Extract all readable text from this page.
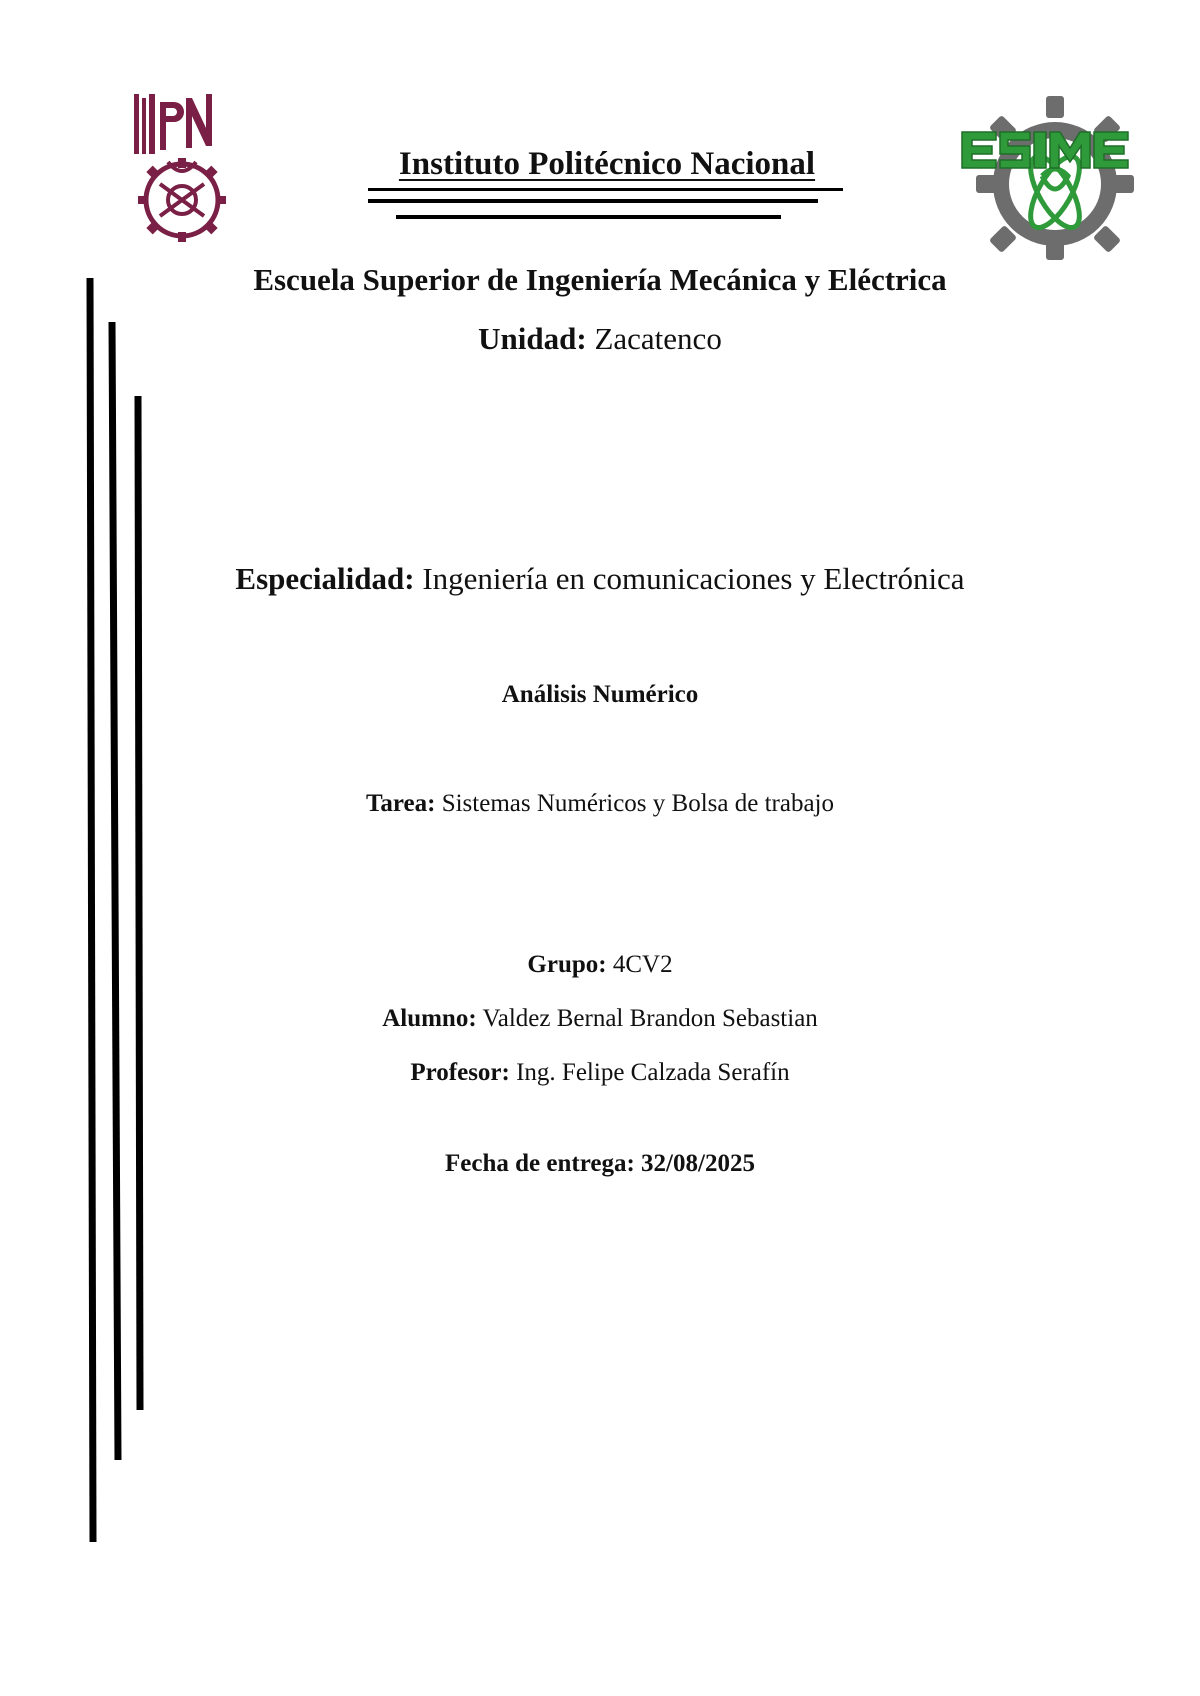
Instituto Politécnico Nacional
Escuela Superior de Ingeniería Mecánica y Eléctrica
Unidad: Zacatenco
Especialidad: Ingeniería en comunicaciones y Electrónica
Análisis Numérico
Tarea: Sistemas Numéricos y Bolsa de trabajo
Grupo: 4CV2
Alumno: Valdez Bernal Brandon Sebastian
Profesor: Ing. Felipe Calzada Serafín
Fecha de entrega: 32/08/2025
